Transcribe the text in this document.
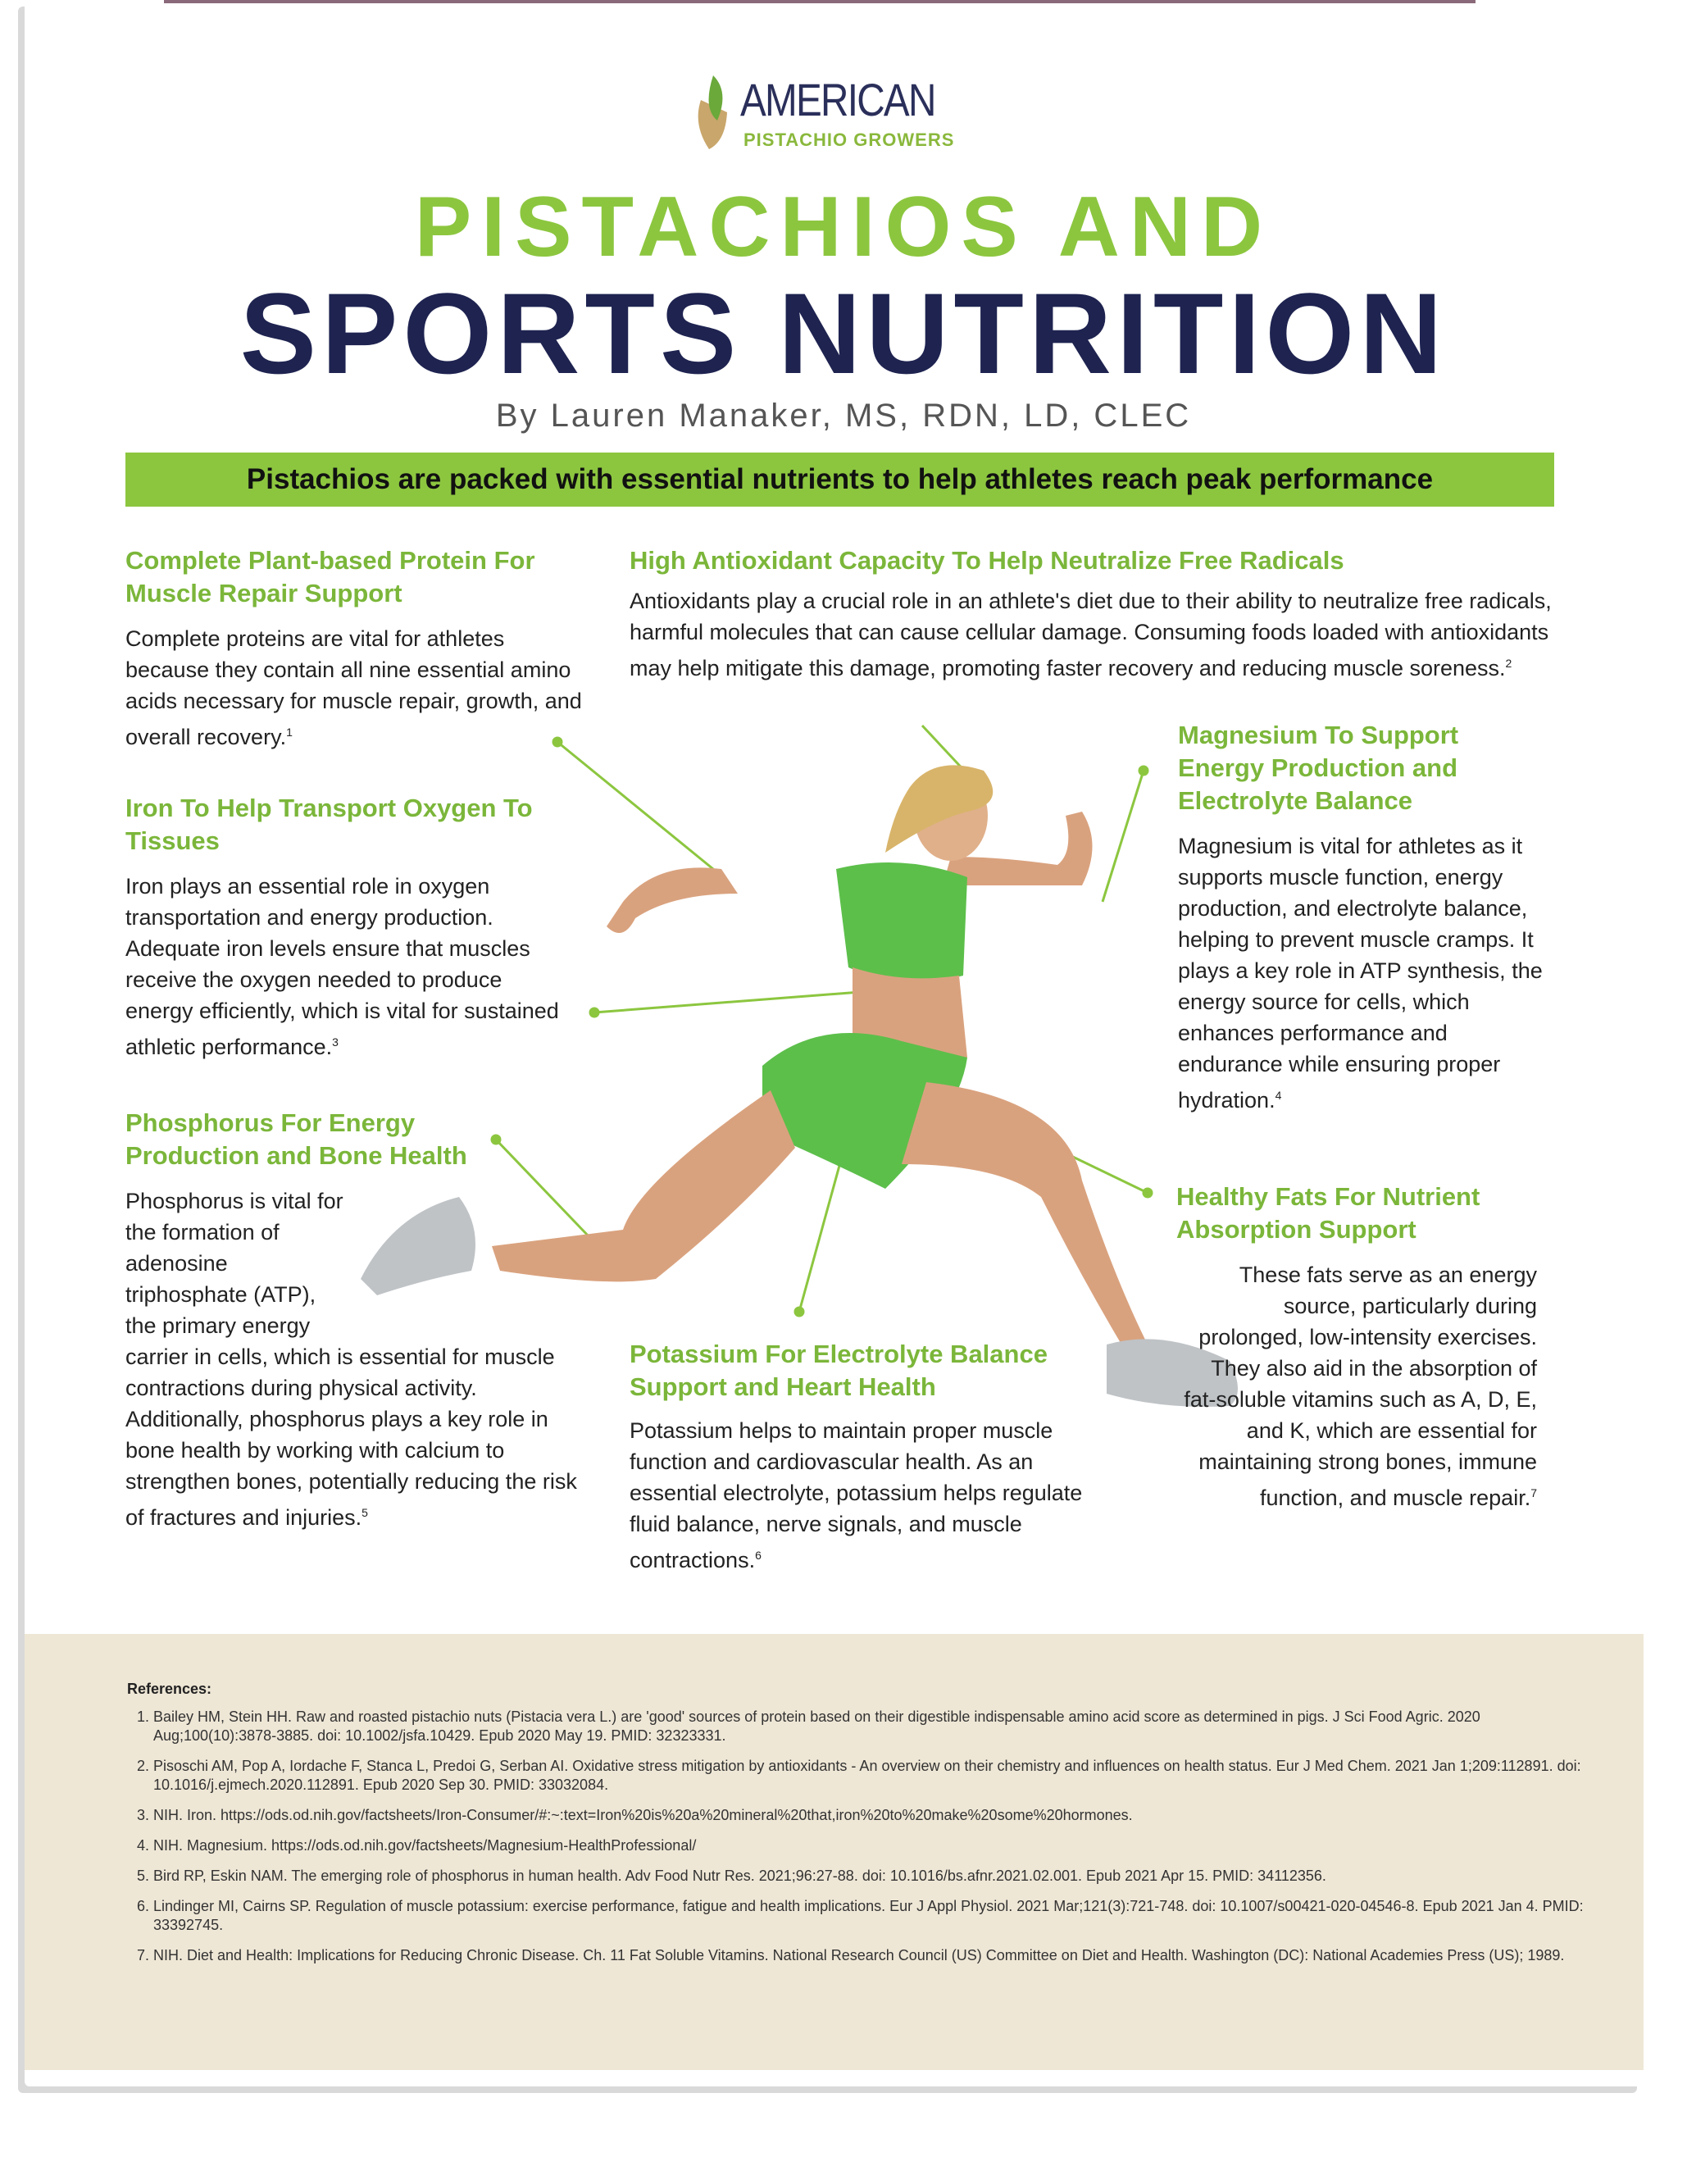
AMERICAN
PISTACHIO GROWERS
PISTACHIOS AND
SPORTS NUTRITION
By Lauren Manaker, MS, RDN, LD, CLEC
Pistachios are packed with essential nutrients to help athletes reach peak performance
Complete Plant-based Protein For Muscle Repair Support
Complete proteins are vital for athletes because they contain all nine essential amino acids necessary for muscle repair, growth, and overall recovery.$^1$
Iron To Help Transport Oxygen To Tissues
Iron plays an essential role in oxygen transportation and energy production. Adequate iron levels ensure that muscles receive the oxygen needed to produce energy efficiently, which is vital for sustained athletic performance.$^3$
Phosphorus For Energy Production and Bone Health
Phosphorus is vital for the formation of adenosine triphosphate (ATP), the primary energy carrier in cells, which is essential for muscle contractions during physical activity. Additionally, phosphorus plays a key role in bone health by working with calcium to strengthen bones, potentially reducing the risk of fractures and injuries.$^5$
High Antioxidant Capacity To Help Neutralize Free Radicals
Antioxidants play a crucial role in an athlete's diet due to their ability to neutralize free radicals, harmful molecules that can cause cellular damage. Consuming foods loaded with antioxidants may help mitigate this damage, promoting faster recovery and reducing muscle soreness.$^2$
Potassium For Electrolyte Balance Support and Heart Health
Potassium helps to maintain proper muscle function and cardiovascular health. As an essential electrolyte, potassium helps regulate fluid balance, nerve signals, and muscle contractions.$^6$
Magnesium To Support Energy Production and Electrolyte Balance
Magnesium is vital for athletes as it supports muscle function, energy production, and electrolyte balance, helping to prevent muscle cramps. It plays a key role in ATP synthesis, the energy source for cells, which enhances performance and endurance while ensuring proper hydration.$^4$
Healthy Fats For Nutrient Absorption Support
These fats serve as an energy source, particularly during prolonged, low-intensity exercises. They also aid in the absorption of fat-soluble vitamins such as A, D, E, and K, which are essential for maintaining strong bones, immune function, and muscle repair.$^7$
References:
1. Bailey HM, Stein HH. Raw and roasted pistachio nuts (Pistacia vera L.) are 'good' sources of protein based on their digestible indispensable amino acid score as determined in pigs. J Sci Food Agric. 2020 Aug;100(10):3878-3885. doi: 10.1002/jsfa.10429. Epub 2020 May 19. PMID: 32323331.
2. Pisoschi AM, Pop A, Iordache F, Stanca L, Predoi G, Serban AI. Oxidative stress mitigation by antioxidants - An overview on their chemistry and influences on health status. Eur J Med Chem. 2021 Jan 1;209:112891. doi: 10.1016/j.ejmech.2020.112891. Epub 2020 Sep 30. PMID: 33032084.
3. NIH. Iron. https://ods.od.nih.gov/factsheets/Iron-Consumer/#:~:text=Iron%20is%20a%20mineral%20that,iron%20to%20make%20some%20hormones.
4. NIH. Magnesium. https://ods.od.nih.gov/factsheets/Magnesium-HealthProfessional/
5. Bird RP, Eskin NAM. The emerging role of phosphorus in human health. Adv Food Nutr Res. 2021;96:27-88. doi: 10.1016/bs.afnr.2021.02.001. Epub 2021 Apr 15. PMID: 34112356.
6. Lindinger MI, Cairns SP. Regulation of muscle potassium: exercise performance, fatigue and health implications. Eur J Appl Physiol. 2021 Mar;121(3):721-748. doi: 10.1007/s00421-020-04546-8. Epub 2021 Jan 4. PMID: 33392745.
7. NIH. Diet and Health: Implications for Reducing Chronic Disease. Ch. 11 Fat Soluble Vitamins. National Research Council (US) Committee on Diet and Health. Washington (DC): National Academies Press (US); 1989.
